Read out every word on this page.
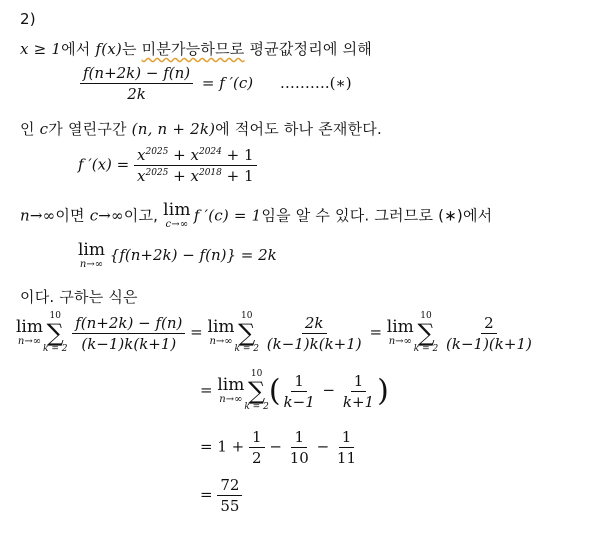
2)
x ≥ 1에서 f(x)는 미분가능하므로 평균값정리에 의해
$\frac{f(n+2k) - f(n)}{2k} = f$ ′(c) ……….(∗)
인 c가 열린구간 (n, n + 2k)에 적어도 하나 존재한다.
f $'(x) = \frac{x^{2025} + x^{2024} + 1}{x^{2025} + x^{2018} + 1}$
n→∞이면 c→∞이고, lim
c→∞
  f ′(c) = 1임을 알 수 있다. 그러므로 (∗)에서
lim
n→∞
{f(n+2k) − f(n)} = 2k
이다. 구하는 식은
lim
n→∞
10
∑
k = 2
$\frac{f(n+2k) - f(n)}{(k-1)k(k+1)} = \lim$
n→∞
10
∑
k = 2
$\frac{2k}{(k-1)k(k+1)} = \lim$
n→∞
10
∑
k = 2
$\frac{2}{(k-1)(k+1)}$
= lim
n→∞
10
∑
k = 2 ( $\frac{1}{k-1} - \frac{1}{k+1}$ )
= $1 + \frac{1}{2} - \frac{1}{10} - \frac{1}{11}$
= $\frac{72}{55}$
